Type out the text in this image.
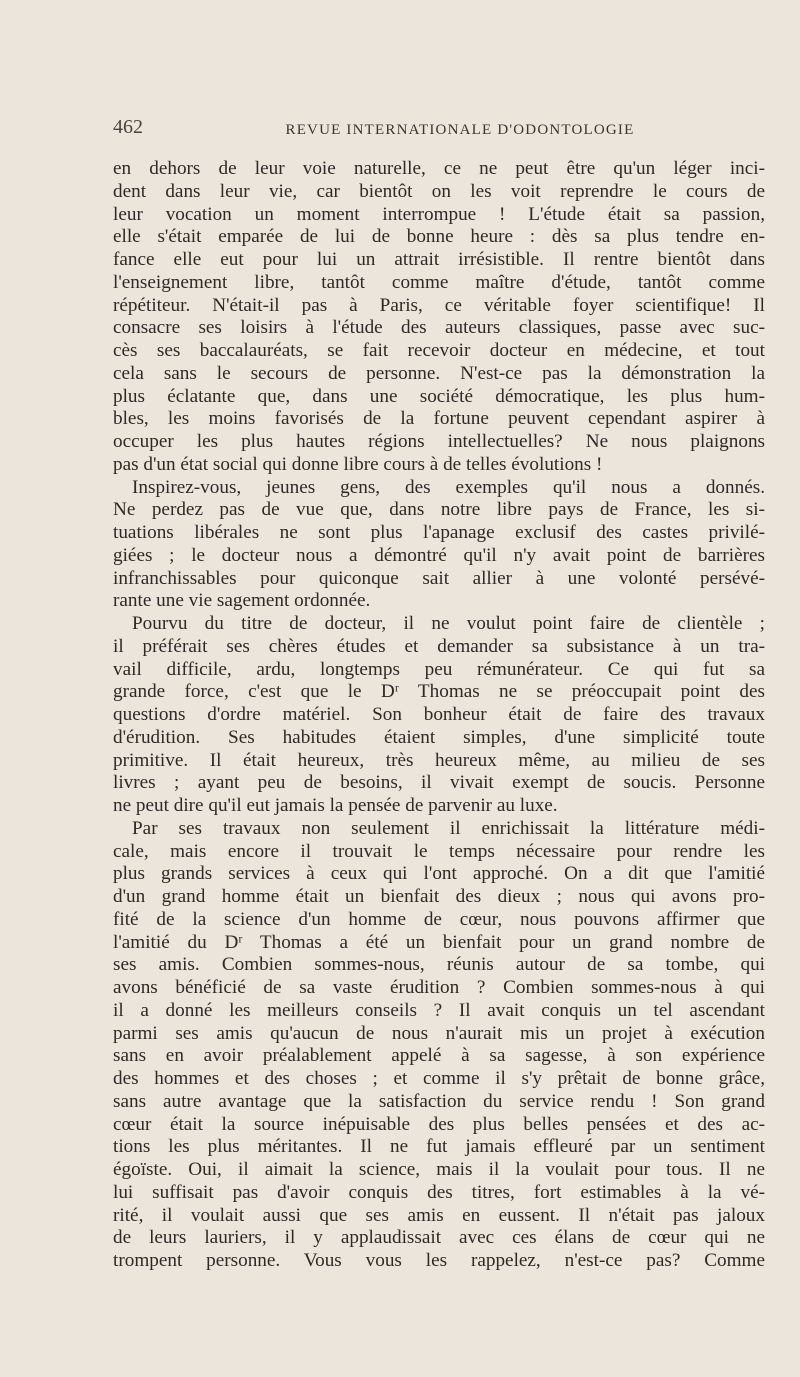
462	REVUE INTERNATIONALE D'ODONTOLOGIE
en dehors de leur voie naturelle, ce ne peut être qu'un léger inci-
dent dans leur vie, car bientôt on les voit reprendre le cours de
leur vocation un moment interrompue ! L'étude était sa passion,
elle s'était emparée de lui de bonne heure : dès sa plus tendre en-
fance elle eut pour lui un attrait irrésistible. Il rentre bientôt dans
l'enseignement libre, tantôt comme maître d'étude, tantôt comme
répétiteur. N'était-il pas à Paris, ce véritable foyer scientifique! Il
consacre ses loisirs à l'étude des auteurs classiques, passe avec suc-
cès ses baccalauréats, se fait recevoir docteur en médecine, et tout
cela sans le secours de personne. N'est-ce pas la démonstration la
plus éclatante que, dans une société démocratique, les plus hum-
bles, les moins favorisés de la fortune peuvent cependant aspirer à
occuper les plus hautes régions intellectuelles? Ne nous plaignons
pas d'un état social qui donne libre cours à de telles évolutions !
Inspirez-vous, jeunes gens, des exemples qu'il nous a donnés.
Ne perdez pas de vue que, dans notre libre pays de France, les si-
tuations libérales ne sont plus l'apanage exclusif des castes privilé-
giées ; le docteur nous a démontré qu'il n'y avait point de barrières
infranchissables pour quiconque sait allier à une volonté persévé-
rante une vie sagement ordonnée.
Pourvu du titre de docteur, il ne voulut point faire de clientèle ;
il préférait ses chères études et demander sa subsistance à un tra-
vail difficile, ardu, longtemps peu rémunérateur. Ce qui fut sa
grande force, c'est que le Dʳ Thomas ne se préoccupait point des
questions d'ordre matériel. Son bonheur était de faire des travaux
d'érudition. Ses habitudes étaient simples, d'une simplicité toute
primitive. Il était heureux, très heureux même, au milieu de ses
livres ; ayant peu de besoins, il vivait exempt de soucis. Personne
ne peut dire qu'il eut jamais la pensée de parvenir au luxe.
Par ses travaux non seulement il enrichissait la littérature médi-
cale, mais encore il trouvait le temps nécessaire pour rendre les
plus grands services à ceux qui l'ont approché. On a dit que l'amitié
d'un grand homme était un bienfait des dieux ; nous qui avons pro-
fité de la science d'un homme de cœur, nous pouvons affirmer que
l'amitié du Dʳ Thomas a été un bienfait pour un grand nombre de
ses amis. Combien sommes-nous, réunis autour de sa tombe, qui
avons bénéficié de sa vaste érudition ? Combien sommes-nous à qui
il a donné les meilleurs conseils ? Il avait conquis un tel ascendant
parmi ses amis qu'aucun de nous n'aurait mis un projet à exécution
sans en avoir préalablement appelé à sa sagesse, à son expérience
des hommes et des choses ; et comme il s'y prêtait de bonne grâce,
sans autre avantage que la satisfaction du service rendu ! Son grand
cœur était la source inépuisable des plus belles pensées et des ac-
tions les plus méritantes. Il ne fut jamais effleuré par un sentiment
égoïste. Oui, il aimait la science, mais il la voulait pour tous. Il ne
lui suffisait pas d'avoir conquis des titres, fort estimables à la vé-
rité, il voulait aussi que ses amis en eussent. Il n'était pas jaloux
de leurs lauriers, il y applaudissait avec ces élans de cœur qui ne
trompent personne. Vous vous les rappelez, n'est-ce pas? Comme
